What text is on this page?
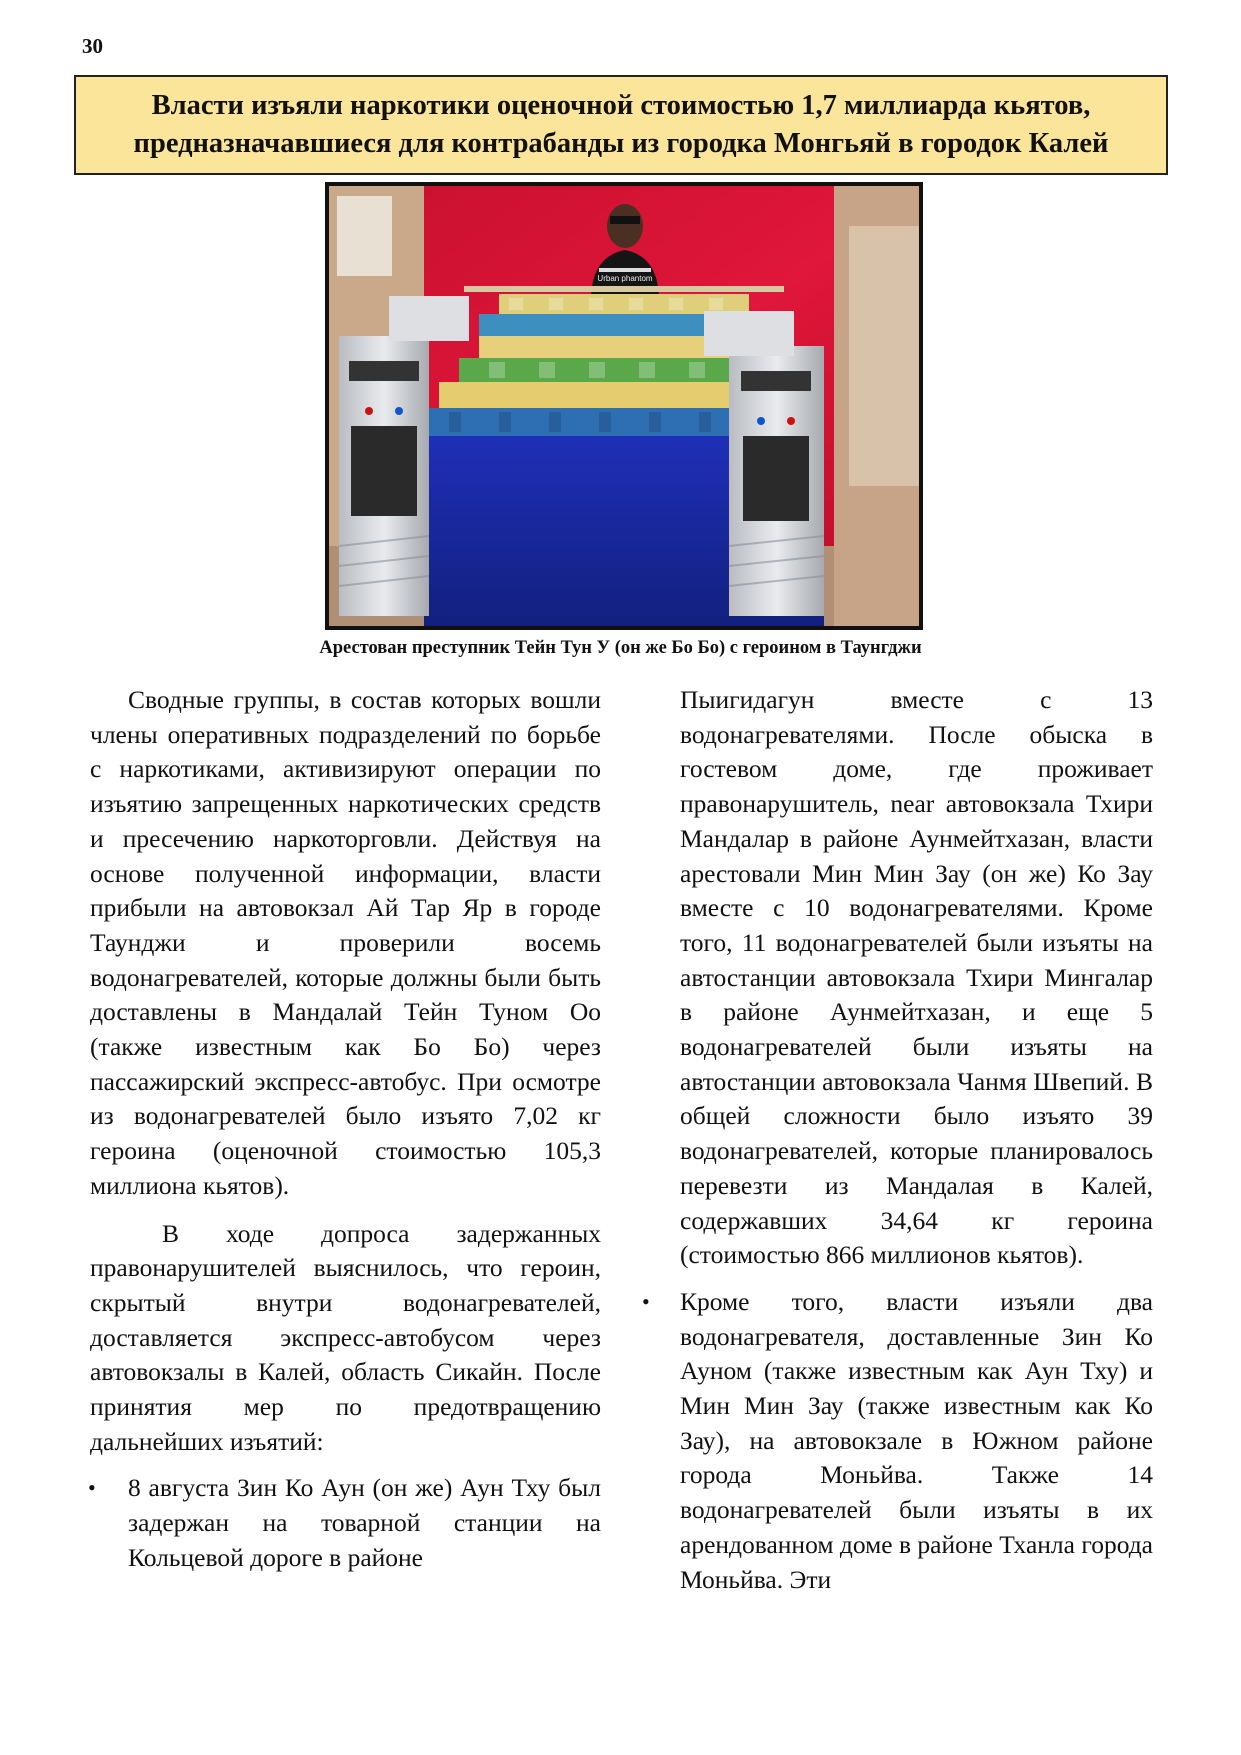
30
Власти изъяли наркотики оценочной стоимостью 1,7 миллиарда кьятов,
предназначавшиеся для контрабанды из городка Монгьяй в городок Калей
Urban phantom

Арестован преступник Тейн Тун У (он же Бо Бо) с героином в Таунгджи

Сводные группы, в состав которых вошли члены оперативных подразделений по борьбе с наркотиками, активизируют операции по изъятию запрещенных наркотических средств и пресечению наркоторговли. Действуя на основе полученной информации, власти прибыли на автовокзал Ай Тар Яр в городе Таунджи и проверили восемь водонагревателей, которые должны были быть доставлены в Мандалай Тейн Туном Оо (также известным как Бо Бо) через пассажирский экспресс-автобус. При осмотре из водонагревателей было изъято 7,02 кг героина (оценочной стоимостью 105,3 миллиона кьятов).

В ходе допроса задержанных правонарушителей выяснилось, что героин, скрытый внутри водонагревателей, доставляется экспресс-автобусом через автовокзалы в Калей, область Сикайн. После принятия мер по предотвращению дальнейших изъятий:

• 8 августа Зин Ко Аун (он же) Аун Тху был задержан на товарной станции на Кольцевой дороге в районе
Пыигидагун вместе с 13 водонагревателями. После обыска в гостевом доме, где проживает правонарушитель, near автовокзала Тхири Мандалар в районе Аунмейтхазан, власти арестовали Мин Мин Зау (он же) Ко Зау вместе с 10 водонагревателями. Кроме того, 11 водонагревателей были изъяты на автостанции автовокзала Тхири Мингалар в районе Аунмейтхазан, и еще 5 водонагревателей были изъяты на автостанции автовокзала Чанмя Швепий. В общей сложности было изъято 39 водонагревателей, которые планировалось перевезти из Мандалая в Калей, содержавших 34,64 кг героина (стоимостью 866 миллионов кьятов).
• Кроме того, власти изъяли два водонагревателя, доставленные Зин Ко Ауном (также известным как Аун Тху) и Мин Мин Зау (также известным как Ко Зау), на автовокзале в Южном районе города Моньйва. Также 14 водонагревателей были изъяты в их арендованном доме в районе Тханла города Моньйва. Эти
